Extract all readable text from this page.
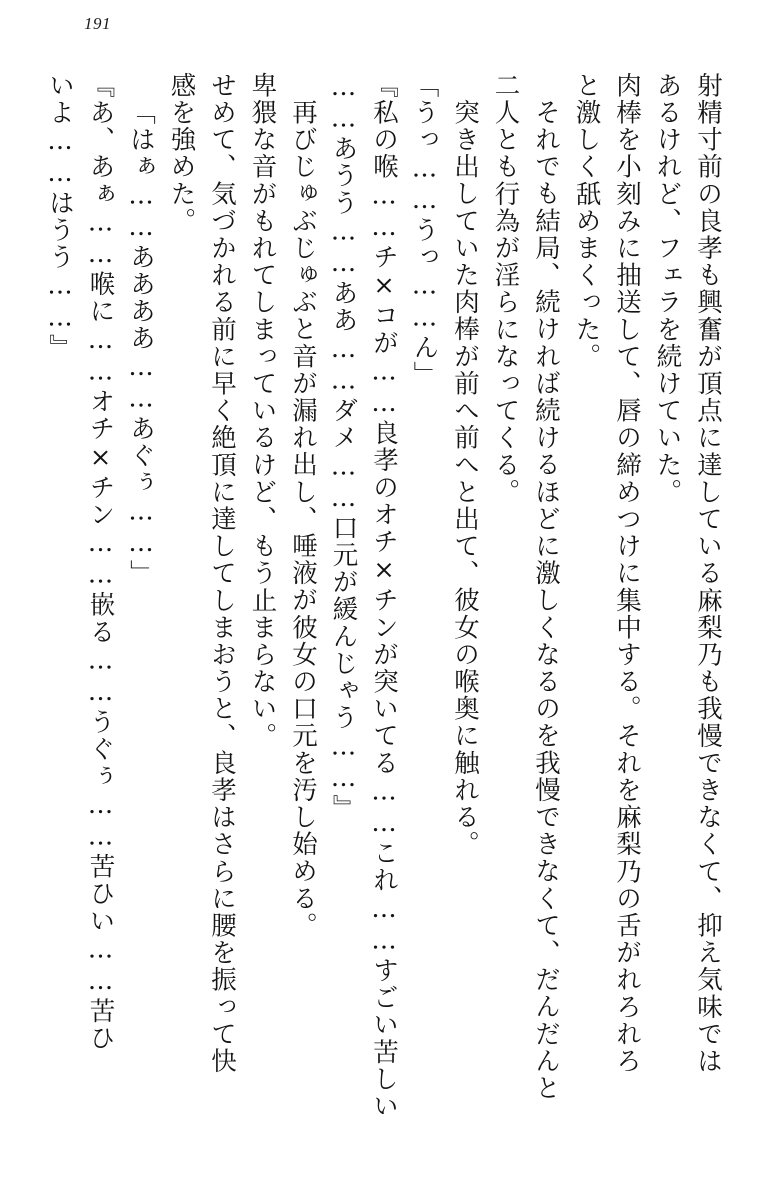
191
射精寸前の良孝も興奮が頂点に達している麻梨乃も我慢できなくて、抑え気味では
あるけれど、フェラを続けていた。
肉棒を小刻みに抽送して、唇の締めつけに集中する。それを麻梨乃の舌がれろれろ
と激しく舐めまくった。
それでも結局、続ければ続けるほどに激しくなるのを我慢できなくて、だんだんと
二人とも行為が淫らになってくる。
突き出していた肉棒が前へ前へと出て、彼女の喉奥に触れる。
「うっ……うっ……ん」
『私の喉……チ×コが……良孝のオチ×チンが突いてる……これ……すごい苦しい
……あうう……ああ……ダメ……口元が緩んじゃう……』
再びじゅぶじゅぶと音が漏れ出し、唾液が彼女の口元を汚し始める。
卑猥な音がもれてしまっているけど、もう止まらない。
せめて、気づかれる前に早く絶頂に達してしまおうと、良孝はさらに腰を振って快
感を強めた。
「はぁ……ああああ……あぐぅ……」
『あ、あぁ……喉に……オチ×チン……嵌る……うぐぅ……苦ひい……苦ひ
いよ……はうう……』
